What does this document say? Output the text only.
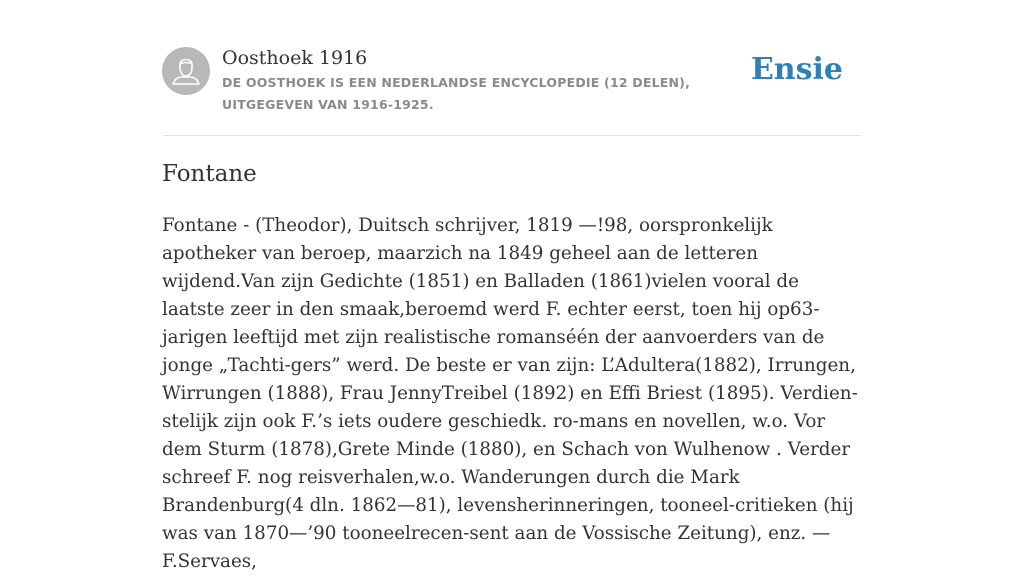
Oosthoek 1916
DE OOSTHOEK IS EEN NEDERLANDSE ENCYCLOPEDIE (12 DELEN), UITGEGEVEN VAN 1916-1925.
Ensie
Fontane

Fontane - (Theodor), Duitsch schrijver, 1819 —!98, oorspronkelijk apotheker van beroep, maarzich na 1849 geheel aan de letteren wijdend.Van zijn Gedichte (1851) en Balladen (1861)vielen vooral de laatste zeer in den smaak,beroemd werd F. echter eerst, toen hij op63-jarigen leeftijd met zijn realistische romanséén der aanvoerders van de jonge „Tachti-gers” werd. De beste er van zijn: L’Adultera(1882), Irrungen, Wirrungen (1888), Frau JennyTreibel (1892) en Effi Briest (1895). Verdien-stelijk zijn ook F.’s iets oudere geschiedk. ro-mans en novellen, w.o. Vor dem Sturm (1878),Grete Minde (1880), en Schach von Wulhenow . Verder schreef F. nog reisverhalen,w.o. Wanderungen durch die Mark Brandenburg(4 dln. 1862—81), levensherinneringen, tooneel-critieken (hij was van 1870—’90 tooneelrecen-sent aan de Vossische Zeitung), enz. — F.Servaes,
